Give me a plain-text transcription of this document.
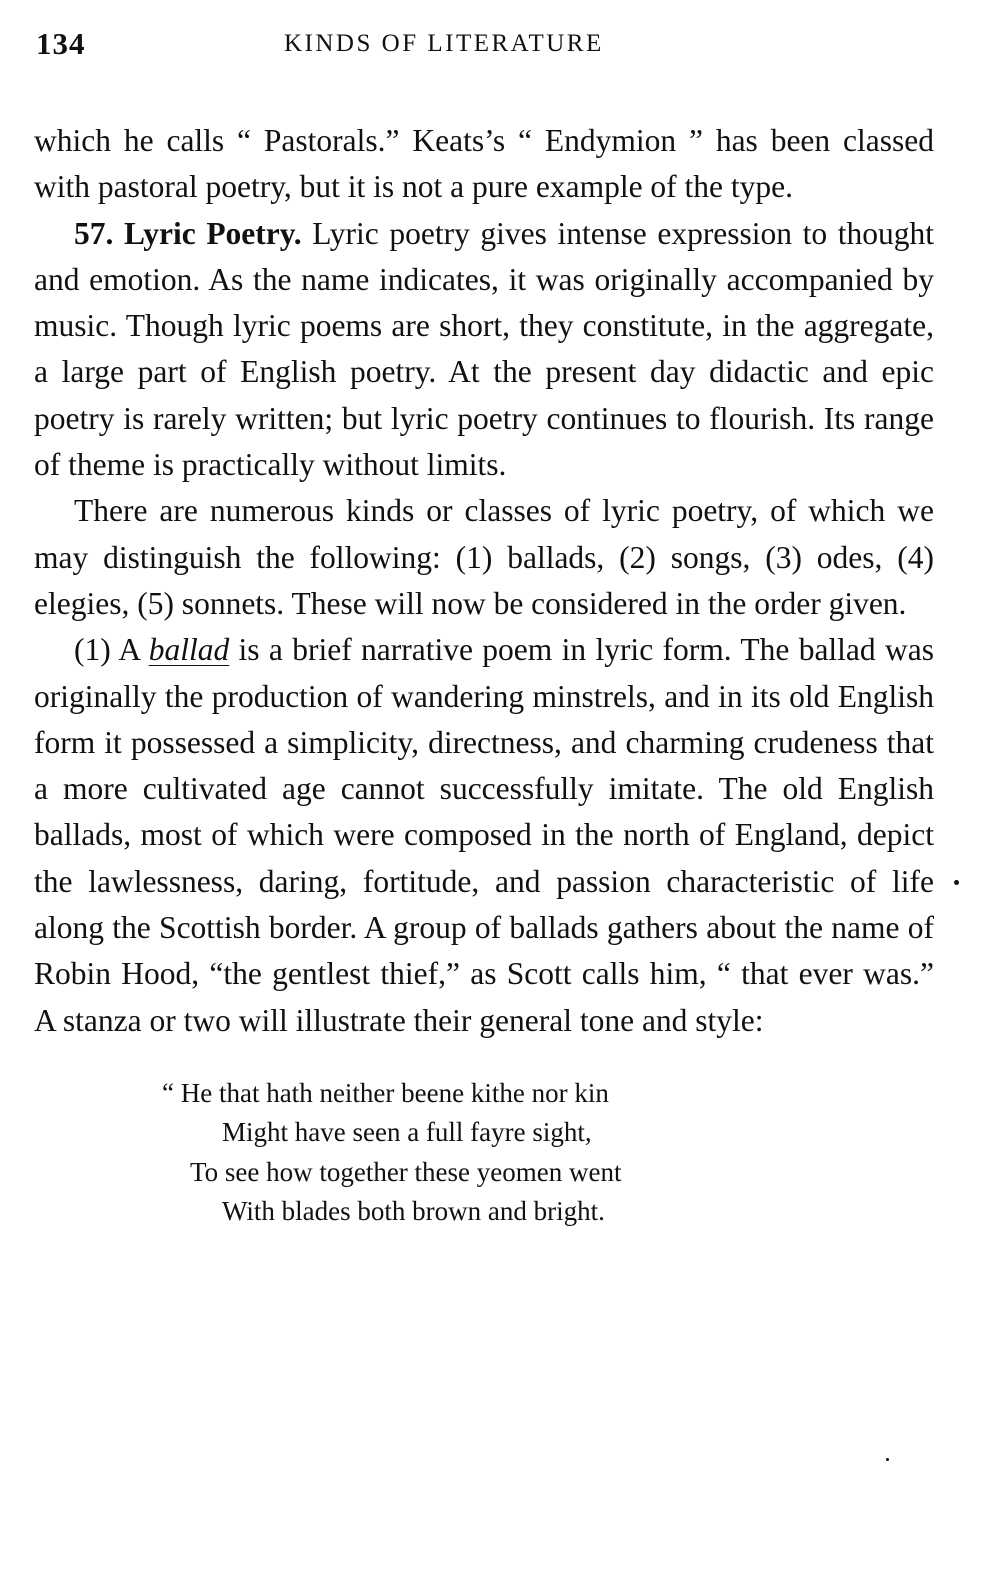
134	KINDS OF LITERATURE

which he calls “ Pastorals.” Keats’s “ Endymion ” has been classed with pastoral poetry, but it is not a pure example of the type.

57. Lyric Poetry. Lyric poetry gives intense expression to thought and emotion. As the name indicates, it was originally accompanied by music. Though lyric poems are short, they constitute, in the aggregate, a large part of English poetry. At the present day didactic and epic poetry is rarely written; but lyric poetry continues to flourish. Its range of theme is practically without limits.

There are numerous kinds or classes of lyric poetry, of which we may distinguish the following: (1) ballads, (2) songs, (3) odes, (4) elegies, (5) sonnets. These will now be considered in the order given.

(1) A ballad is a brief narrative poem in lyric form. The ballad was originally the production of wandering minstrels, and in its old English form it possessed a simplicity, directness, and charming crudeness that a more cultivated age cannot successfully imitate. The old English ballads, most of which were composed in the north of England, depict the lawlessness, daring, fortitude, and passion characteristic of life along the Scottish border. A group of ballads gathers about the name of Robin Hood, “the gentlest thief,” as Scott calls him, “ that ever was.” A stanza or two will illustrate their general tone and style:

“ He that hath neither beene kithe nor kin
Might have seen a full fayre sight,
To see how together these yeomen went
With blades both brown and bright.
